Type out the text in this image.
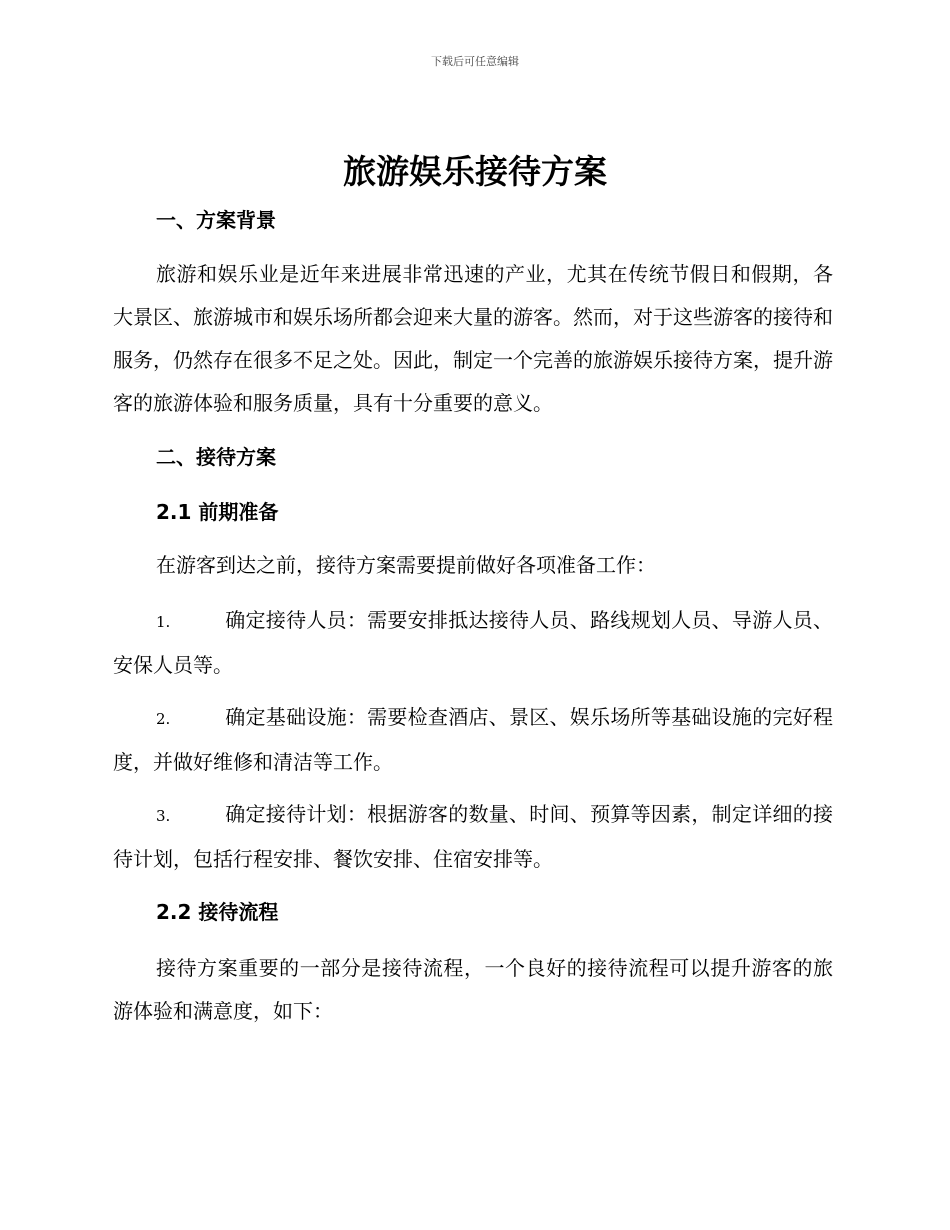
下载后可任意编辑
旅游娱乐接待方案
一、方案背景

旅游和娱乐业是近年来进展非常迅速的产业，尤其在传统节假日和假期，各大景区、旅游城市和娱乐场所都会迎来大量的游客。然而，对于这些游客的接待和服务，仍然存在很多不足之处。因此，制定一个完善的旅游娱乐接待方案，提升游客的旅游体验和服务质量，具有十分重要的意义。

二、接待方案
2.1 前期准备

在游客到达之前，接待方案需要提前做好各项准备工作：

1.	确定接待人员：需要安排抵达接待人员、路线规划人员、导游人员、安保人员等。
2.	确定基础设施：需要检查酒店、景区、娱乐场所等基础设施的完好程度，并做好维修和清洁等工作。
3.	确定接待计划：根据游客的数量、时间、预算等因素，制定详细的接待计划，包括行程安排、餐饮安排、住宿安排等。
2.2 接待流程

接待方案重要的一部分是接待流程，一个良好的接待流程可以提升游客的旅游体验和满意度，如下：
